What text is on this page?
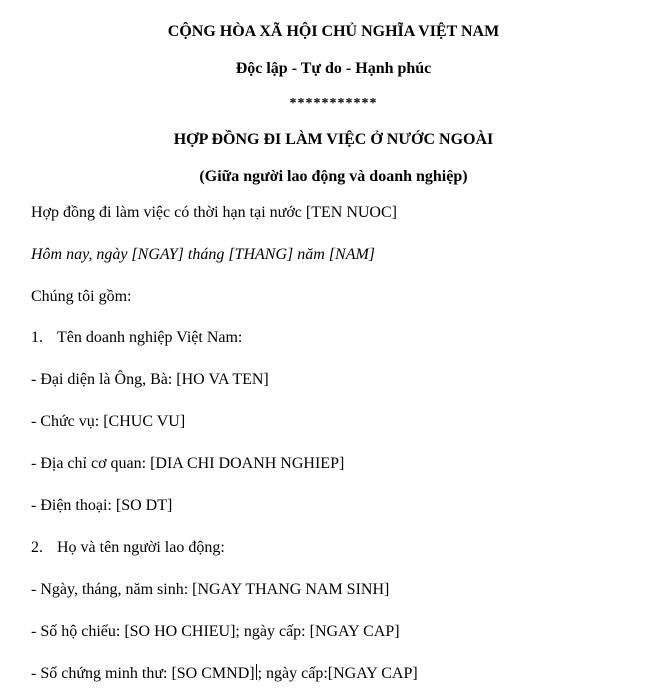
CỘNG HÒA XÃ HỘI CHỦ NGHĨA VIỆT NAM
Độc lập - Tự do - Hạnh phúc
***********
HỢP ĐỒNG ĐI LÀM VIỆC Ở NƯỚC NGOÀI
(Giữa người lao động và doanh nghiệp)
Hợp đồng đi làm việc có thời hạn tại nước [TEN NUOC]
Hôm nay, ngày [NGAY] tháng [THANG] năm [NAM]
Chúng tôi gồm:
1. Tên doanh nghiệp Việt Nam:
- Đại diện là Ông, Bà: [HO VA TEN]
- Chức vụ: [CHUC VU]
- Địa chỉ cơ quan: [DIA CHI DOANH NGHIEP]
- Điện thoại: [SO DT]
2. Họ và tên người lao động:
- Ngày, tháng, năm sinh: [NGAY THANG NAM SINH]
- Số hộ chiếu: [SO HO CHIEU]; ngày cấp: [NGAY CAP]
- Số chứng minh thư: [SO CMND] ; ngày cấp:[NGAY CAP]
